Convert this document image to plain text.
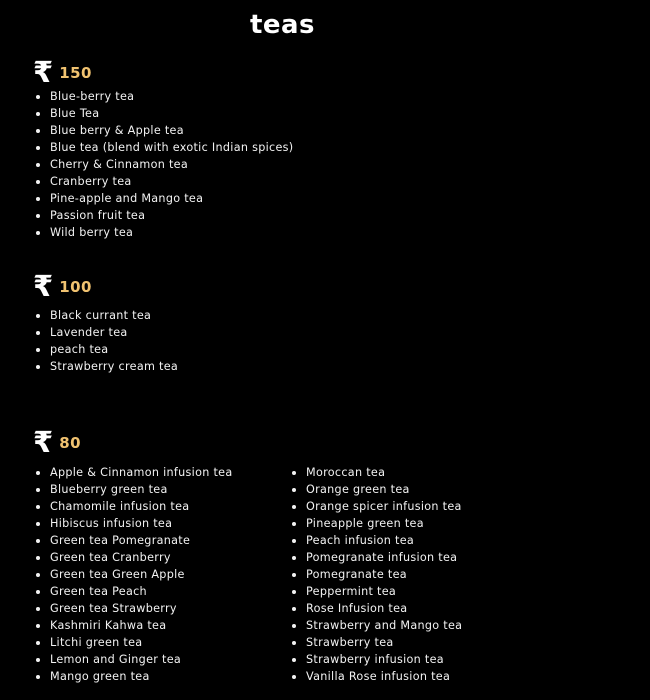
teas
₹ 150
Blue-berry tea
Blue Tea
Blue berry & Apple tea
Blue tea (blend with exotic Indian spices)
Cherry & Cinnamon tea
Cranberry tea
Pine-apple and Mango tea
Passion fruit tea
Wild berry tea
₹ 100
Black currant tea
Lavender tea
peach tea
Strawberry cream tea
₹ 80
Apple & Cinnamon infusion tea
Blueberry green tea
Chamomile infusion tea
Hibiscus infusion tea
Green tea Pomegranate
Green tea Cranberry
Green tea Green Apple
Green tea Peach
Green tea Strawberry
Kashmiri Kahwa tea
Litchi green tea
Lemon and Ginger tea
Mango green tea
Moroccan tea
Orange green tea
Orange spicer infusion tea
Pineapple green tea
Peach infusion tea
Pomegranate infusion tea
Pomegranate tea
Peppermint tea
Rose Infusion tea
Strawberry and Mango tea
Strawberry tea
Strawberry infusion tea
Vanilla Rose infusion tea
